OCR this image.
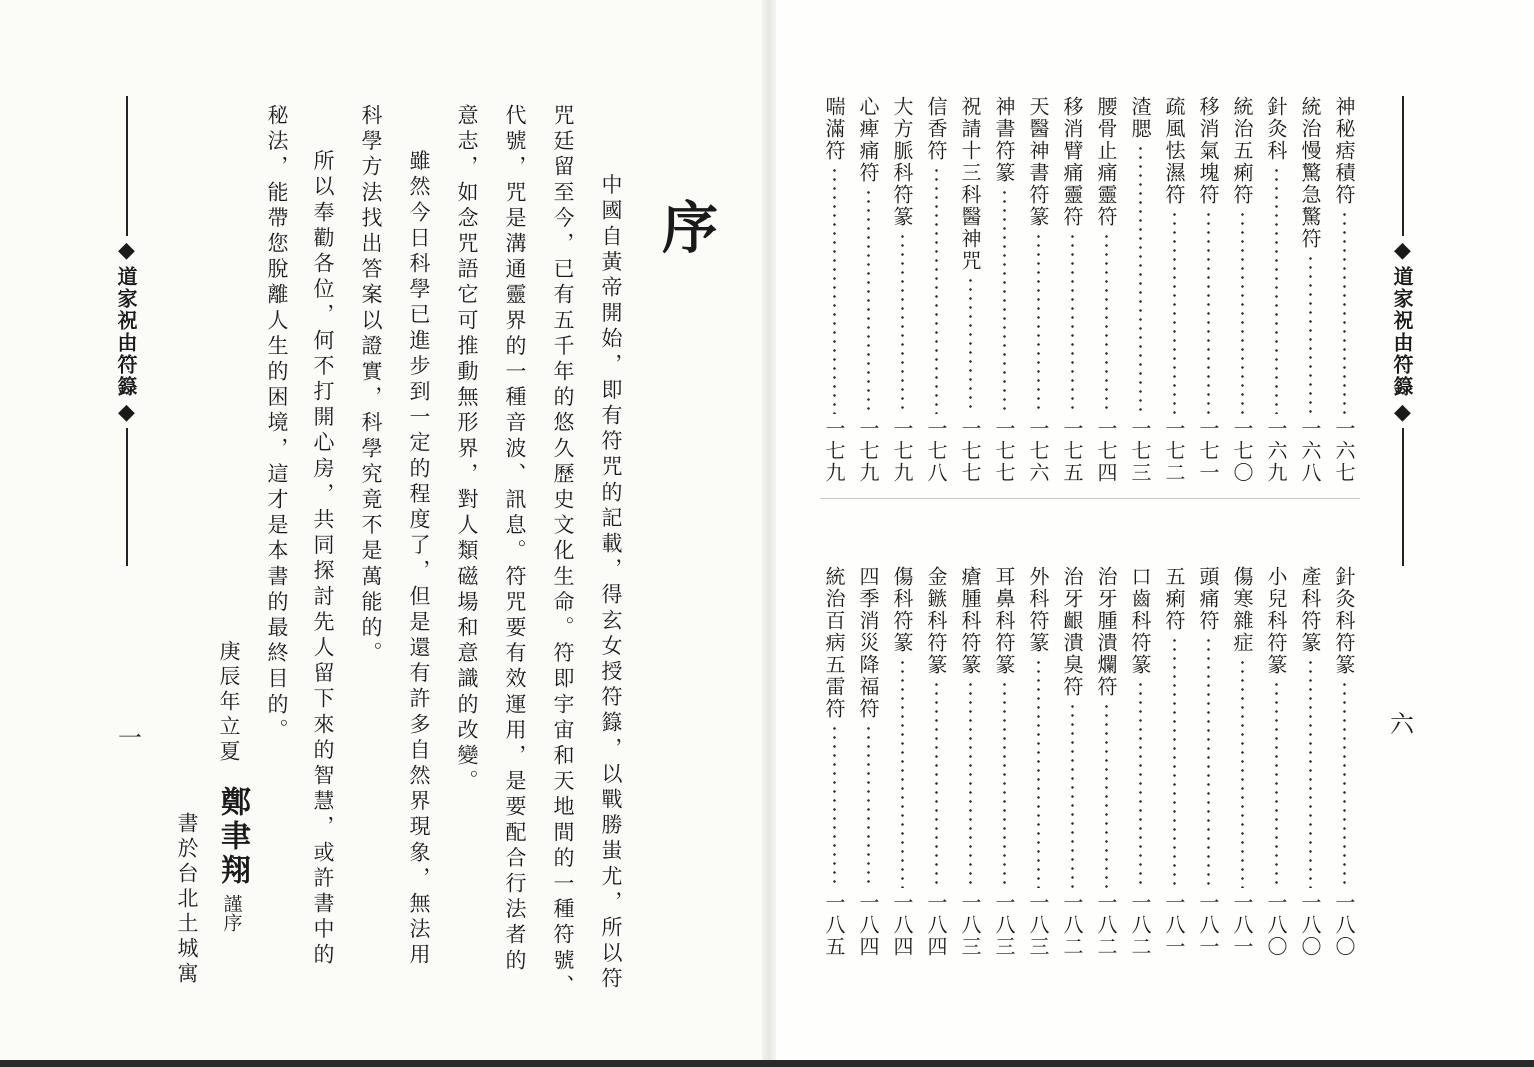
◆
道家祝由符籙
◆
一
序
　中國自黃帝開始，即有符咒的記載，得玄女授符籙，以戰勝蚩尤，所以符
咒廷留至今，已有五千年的悠久歷史文化生命。符即宇宙和天地間的一種符號、
代號，咒是溝通靈界的一種音波、訊息。符咒要有效運用，是要配合行法者的
意志，如念咒語它可推動無形界，對人類磁場和意識的改變。
　雖然今日科學已進步到一定的程度了，但是還有許多自然界現象，無法用
科學方法找出答案以證實，科學究竟不是萬能的。
　所以奉勸各位，何不打開心房，共同探討先人留下來的智慧，或許書中的
秘法，能帶您脫離人生的困境，這才是本書的最終目的。
庚辰年立夏
鄭聿翔
謹序
書於台北土城寓
◆
道家祝由符籙
◆
六
神秘痞積符
一六七
統治慢驚急驚符
一六八
針灸科
一六九
統治五痢符
一七〇
移消氣塊符
一七一
疏風怯濕符
一七二
渣腮
一七三
腰骨止痛靈符
一七四
移消臂痛靈符
一七五
天醫神書符篆
一七六
神書符篆
一七七
祝請十三科醫神咒
一七七
信香符
一七八
大方脈科符篆
一七九
心痺痛符
一七九
喘滿符
一七九
針灸科符篆
一八〇
產科符篆
一八〇
小兒科符篆
一八〇
傷寒雜症
一八一
頭痛符
一八一
五痢符
一八一
口齒科符篆
一八二
治牙腫潰爛符
一八二
治牙齦潰臭符
一八二
外科符篆
一八三
耳鼻科符篆
一八三
瘡腫科符篆
一八三
金鏃科符篆
一八四
傷科符篆
一八四
四季消災降福符
一八四
統治百病五雷符
一八五
